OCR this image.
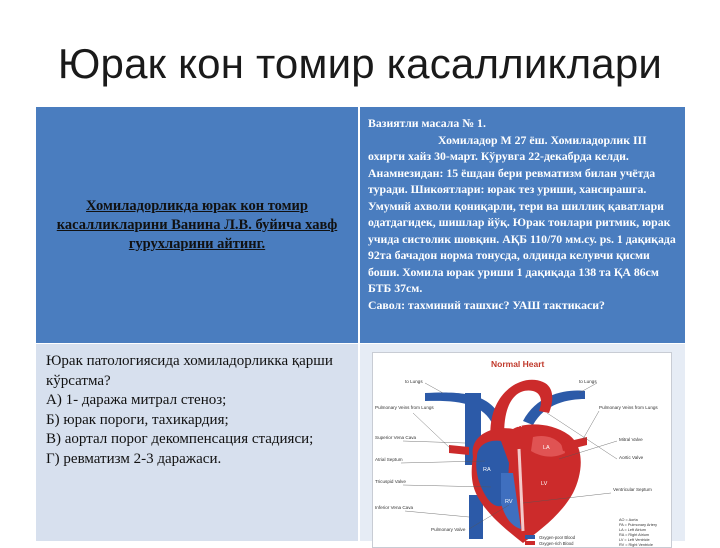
Юрак кон томир касалликлари
Хомиладорликда юрак кон томир касалликларини Ванина Л.В. буйича хавф гурухларини айтинг.
Вазиятли масала № 1.
Хомиладор М 27 ёш. Хомиладорлик III охирги хайз 30-март. Кўрувга 22-декабрда келди. Анамнезидан: 15 ёшдан бери ревматизм билан учётда туради. Шикоятлари: юрак тез уриши, хансирашга. Умумий ахволи қониқарли, тери ва шиллиқ қаватлари одатдагидек, шишлар йўқ. Юрак тонлари ритмик, юрак учида систолик шовқин. АҚБ 110/70 мм.су. ps. 1 дақиқада 92та бачадон норма тонусда, олдинда келувчи қисми боши. Хомила юрак уриши 1 дақиқада 138 та ҚА 86см БТБ 37см.
Савол: тахминий ташхис? УАШ тактикаси?
Юрак патологиясида хомиладорликка қарши кўрсатма?
А) 1- даража митрал стеноз;
Б) юрак пороги, тахикардия;
В) аортал порог декомпенсация стадияси;
Г) ревматизм 2-3 даражаси.
Normal Heart
AO
PA
LA
RA
LV
RV
to Lungs
Pulmonary Veins from Lungs
Superior Vena Cava
Atrial Septum
Tricuspid Valve
Inferior Vena Cava
Pulmonary Valve
to Lungs
Pulmonary Veins from Lungs
Mitral Valve
Aortic Valve
Ventricular Septum
Oxygen-poor Blood
Oxygen-rich Blood
AO = Aorta
PA = Pulmonary Artery
LA = Left Atrium
RA = Right Atrium
LV = Left Ventricle
RV = Right Ventricle
